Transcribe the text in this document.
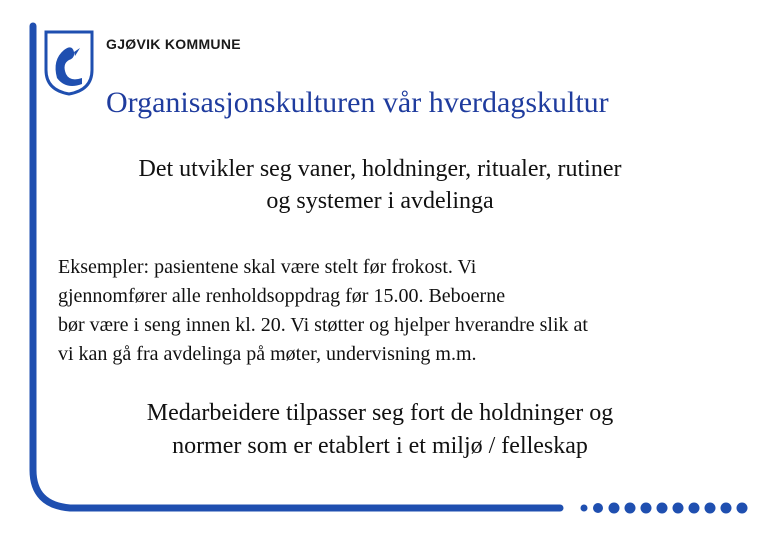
GJØVIK KOMMUNE
Organisasjonskulturen vår hverdagskultur
Det utvikler seg vaner, holdninger, ritualer, rutiner
og systemer i avdelinga
Eksempler: pasientene skal være stelt før frokost. Vi
gjennomfører alle renholdsoppdrag før 15.00. Beboerne
bør være i seng innen kl. 20. Vi støtter og hjelper hverandre slik at
vi kan gå fra avdelinga på møter, undervisning m.m.
Medarbeidere tilpasser seg fort de holdninger og
normer som er etablert i et miljø / felleskap
